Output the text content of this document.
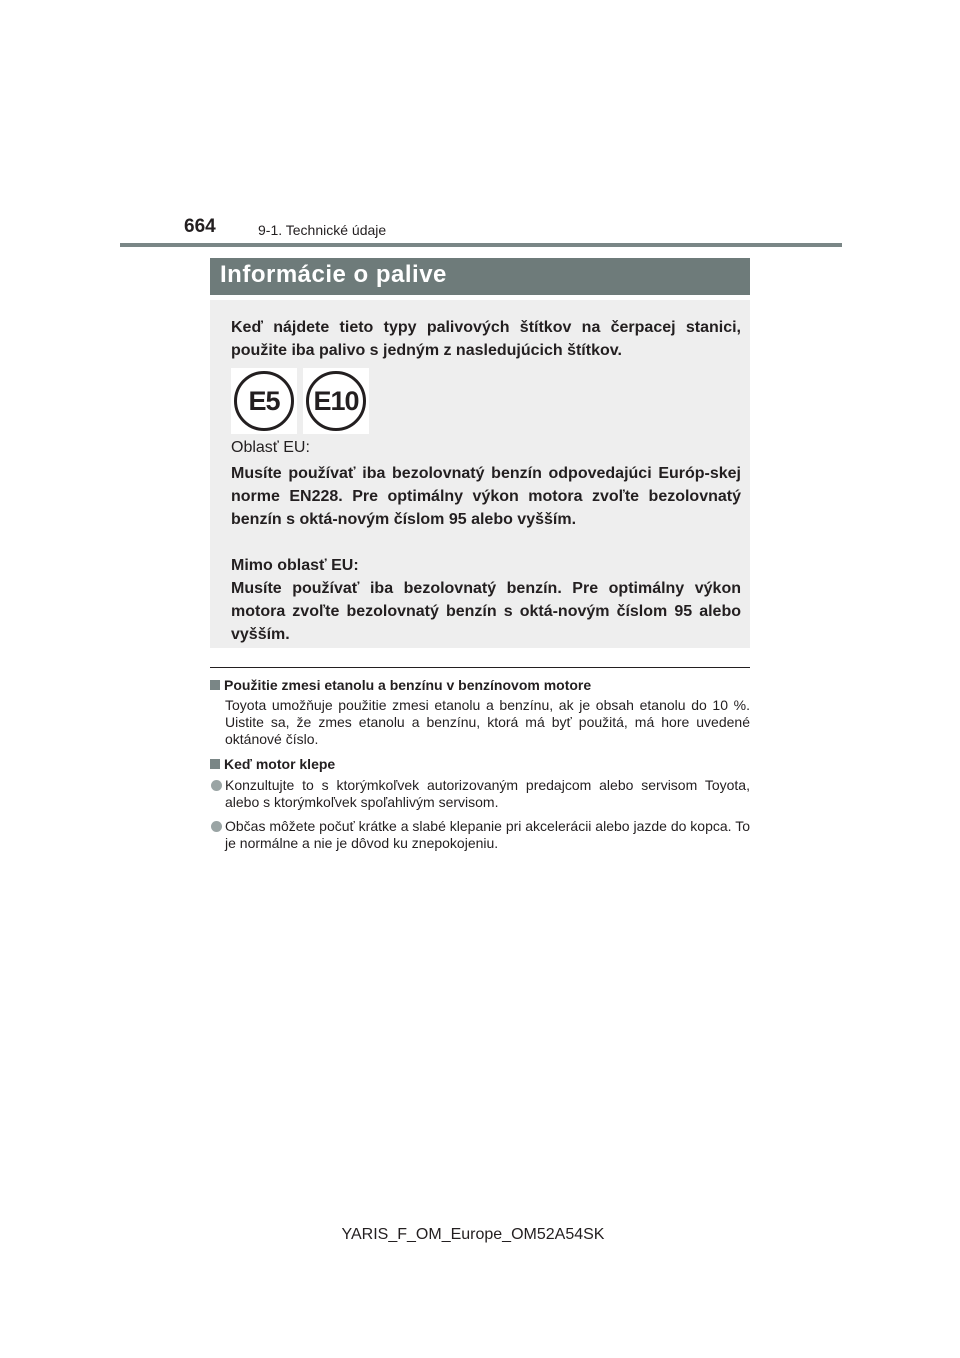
664	9-1. Technické údaje
Informácie o palive

Keď nájdete tieto typy palivových štítkov na čerpacej stanici, použite iba palivo s jedným z nasledujúcich štítkov.

E5	E10

Oblasť EU:

Musíte používať iba bezolovnatý benzín odpovedajúci Európ-skej norme EN228. Pre optimálny výkon motora zvoľte bezolovnatý benzín s oktá-novým číslom 95 alebo vyšším.

Mimo oblasť EU:

Musíte používať iba bezolovnatý benzín. Pre optimálny výkon motora zvoľte bezolovnatý benzín s oktá-novým číslom 95 alebo vyšším.

Použitie zmesi etanolu a benzínu v benzínovom motore

Toyota umožňuje použitie zmesi etanolu a benzínu, ak je obsah etanolu do 10 %. Uistite sa, že zmes etanolu a benzínu, ktorá má byť použitá, má hore uvedené oktánové číslo.

Keď motor klepe

Konzultujte to s ktorýmkoľvek autorizovaným predajcom alebo servisom Toyota, alebo s ktorýmkoľvek spoľahlivým servisom.

Občas môžete počuť krátke a slabé klepanie pri akcelerácii alebo jazde do kopca. To je normálne a nie je dôvod ku znepokojeniu.

YARIS_F_OM_Europe_OM52A54SK
